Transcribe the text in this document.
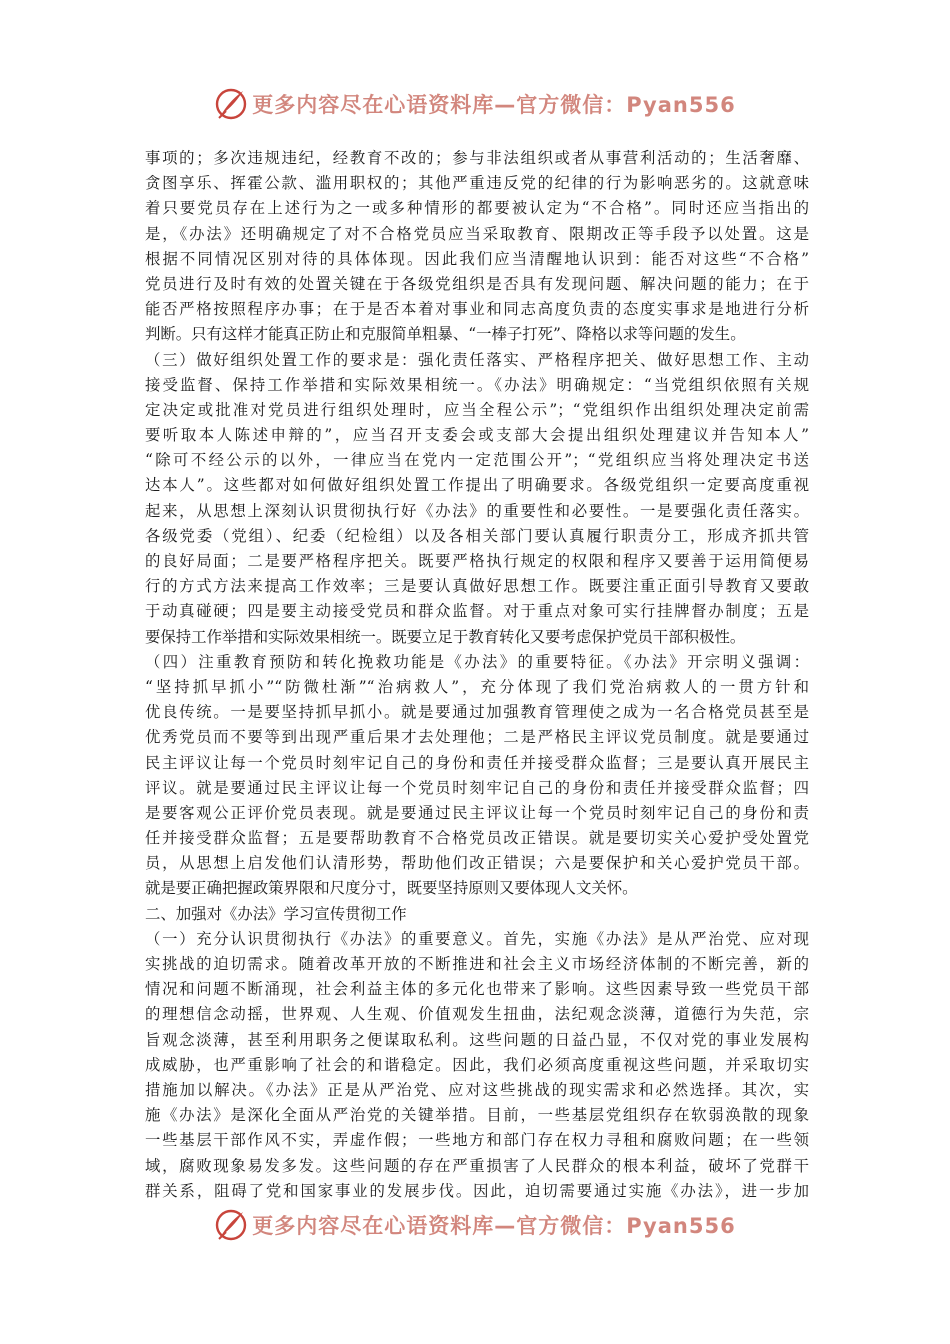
更多内容尽在心语资料库—官方微信：Pyan556
事项的；多次违规违纪，经教育不改的；参与非法组织或者从事营利活动的；生活奢靡、
贪图享乐、挥霍公款、滥用职权的；其他严重违反党的纪律的行为影响恶劣的。这就意味
着只要党员存在上述行为之一或多种情形的都要被认定为“不合格”。同时还应当指出的
是，《办法》还明确规定了对不合格党员应当采取教育、限期改正等手段予以处置。这是
根据不同情况区别对待的具体体现。因此我们应当清醒地认识到：能否对这些“不合格”
党员进行及时有效的处置关键在于各级党组织是否具有发现问题、解决问题的能力；在于
能否严格按照程序办事；在于是否本着对事业和同志高度负责的态度实事求是地进行分析
判断。只有这样才能真正防止和克服简单粗暴、“一棒子打死”、降格以求等问题的发生。
（三）做好组织处置工作的要求是：强化责任落实、严格程序把关、做好思想工作、主动
接受监督、保持工作举措和实际效果相统一。《办法》明确规定：“当党组织依照有关规
定决定或批准对党员进行组织处理时，应当全程公示”；“党组织作出组织处理决定前需
要听取本人陈述申辩的”，应当召开支委会或支部大会提出组织处理建议并告知本人”
“除可不经公示的以外，一律应当在党内一定范围公开”；“党组织应当将处理决定书送
达本人”。这些都对如何做好组织处置工作提出了明确要求。各级党组织一定要高度重视
起来，从思想上深刻认识贯彻执行好《办法》的重要性和必要性。一是要强化责任落实。
各级党委（党组）、纪委（纪检组）以及各相关部门要认真履行职责分工，形成齐抓共管
的良好局面；二是要严格程序把关。既要严格执行规定的权限和程序又要善于运用简便易
行的方式方法来提高工作效率；三是要认真做好思想工作。既要注重正面引导教育又要敢
于动真碰硬；四是要主动接受党员和群众监督。对于重点对象可实行挂牌督办制度；五是
要保持工作举措和实际效果相统一。既要立足于教育转化又要考虑保护党员干部积极性。
（四）注重教育预防和转化挽救功能是《办法》的重要特征。《办法》开宗明义强调：
“坚持抓早抓小”“防微杜渐”“治病救人”，充分体现了我们党治病救人的一贯方针和
优良传统。一是要坚持抓早抓小。就是要通过加强教育管理使之成为一名合格党员甚至是
优秀党员而不要等到出现严重后果才去处理他；二是严格民主评议党员制度。就是要通过
民主评议让每一个党员时刻牢记自己的身份和责任并接受群众监督；三是要认真开展民主
评议。就是要通过民主评议让每一个党员时刻牢记自己的身份和责任并接受群众监督；四
是要客观公正评价党员表现。就是要通过民主评议让每一个党员时刻牢记自己的身份和责
任并接受群众监督；五是要帮助教育不合格党员改正错误。就是要切实关心爱护受处置党
员，从思想上启发他们认清形势，帮助他们改正错误；六是要保护和关心爱护党员干部。
就是要正确把握政策界限和尺度分寸，既要坚持原则又要体现人文关怀。
二、加强对《办法》学习宣传贯彻工作
（一）充分认识贯彻执行《办法》的重要意义。首先，实施《办法》是从严治党、应对现
实挑战的迫切需求。随着改革开放的不断推进和社会主义市场经济体制的不断完善，新的
情况和问题不断涌现，社会利益主体的多元化也带来了影响。这些因素导致一些党员干部
的理想信念动摇，世界观、人生观、价值观发生扭曲，法纪观念淡薄，道德行为失范，宗
旨观念淡薄，甚至利用职务之便谋取私利。这些问题的日益凸显，不仅对党的事业发展构
成威胁，也严重影响了社会的和谐稳定。因此，我们必须高度重视这些问题，并采取切实
措施加以解决。《办法》正是从严治党、应对这些挑战的现实需求和必然选择。其次，实
施《办法》是深化全面从严治党的关键举措。目前，一些基层党组织存在软弱涣散的现象
一些基层干部作风不实，弄虚作假；一些地方和部门存在权力寻租和腐败问题；在一些领
域，腐败现象易发多发。这些问题的存在严重损害了人民群众的根本利益，破坏了党群干
群关系，阻碍了党和国家事业的发展步伐。因此，迫切需要通过实施《办法》，进一步加
更多内容尽在心语资料库—官方微信：Pyan556
